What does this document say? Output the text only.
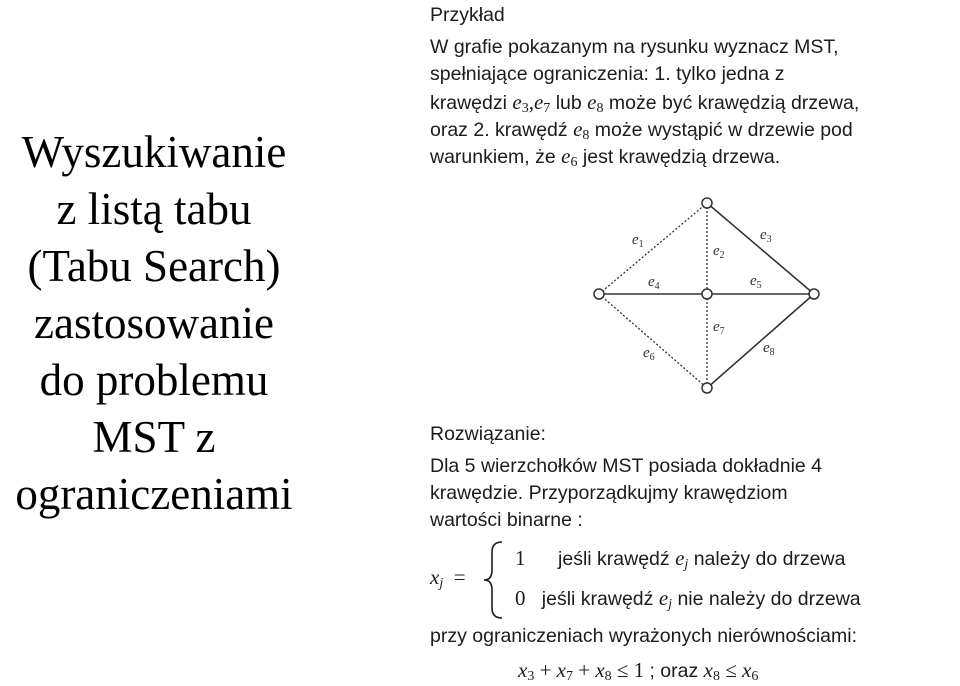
Wyszukiwanie
z listą tabu
(Tabu Search)
zastosowanie
do problemu
MST z
ograniczeniami
Przykład
W grafie pokazanym na rysunku wyznacz MST,
spełniające ograniczenia: 1. tylko jedna z
krawędzi e3,e7 lub e8 może być krawędzią drzewa,
oraz 2. krawędź e8 może wystąpić w drzewie pod
warunkiem, że e6 jest krawędzią drzewa.
$e_1$	$e_2$
$e_3$
$e_4$	$e_5$
$e_6$
$e_7$
$e_8$
Rozwiązanie:
Dla 5 wierzchołków MST posiada dokładnie 4
krawędzie. Przyporządkujmy krawędziom
wartości binarne :
xj  =
1 jeśli krawędź ej należy do drzewa
0 jeśli krawędź ej nie należy do drzewa
przy ograniczeniach wyrażonych nierównościami:
x3 + x7 + x8 ≤ 1 ; oraz x8 ≤ x6
